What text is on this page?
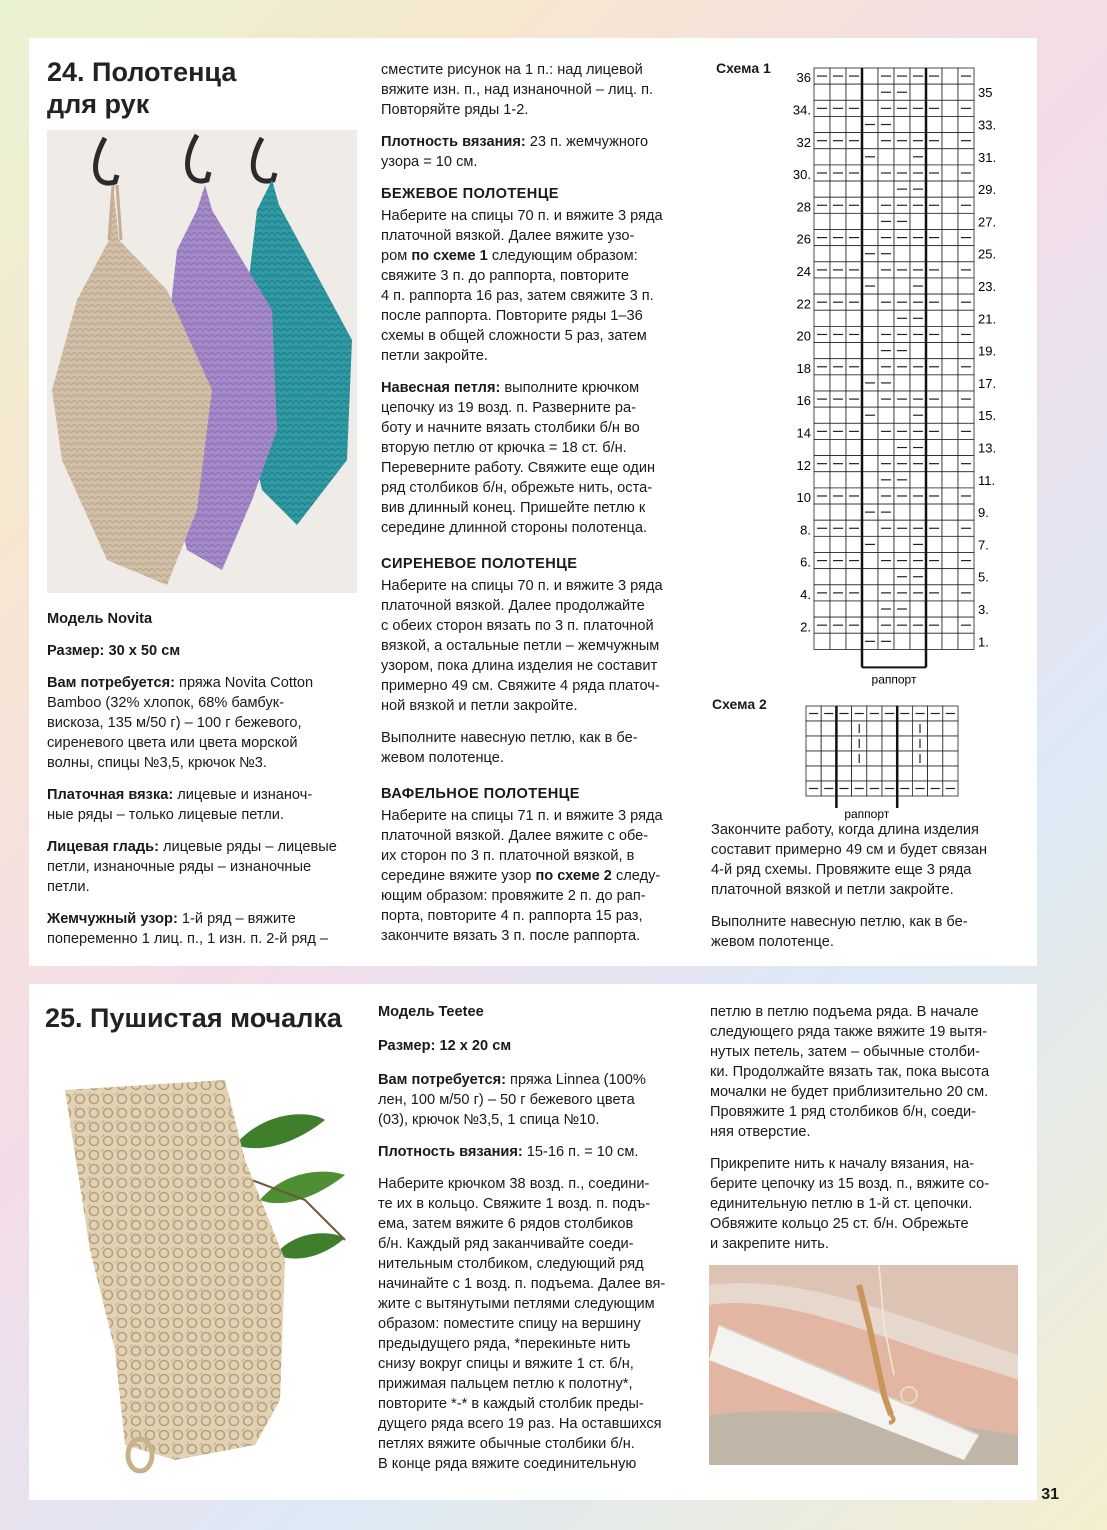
24. Полотенца
для рук

Модель Novita

Размер: 30 х 50 см

Вам потребуется: пряжа Novita Cotton
Bamboo (32% хлопок, 68% бамбук-
вискоза, 135 м/50 г) – 100 г бежевого,
сиреневого цвета или цвета морской
волны, спицы №3,5, крючок №3.

Платочная вязка: лицевые и изнаноч-
ные ряды – только лицевые петли.

Лицевая гладь: лицевые ряды – лицевые
петли, изнаночные ряды – изнаночные
петли.

Жемчужный узор: 1-й ряд – вяжите
попеременно 1 лиц. п., 1 изн. п. 2-й ряд –

сместите рисунок на 1 п.: над лицевой
вяжите изн. п., над изнаночной – лиц. п.
Повторяйте ряды 1-2.

Плотность вязания: 23 п. жемчужного
узора = 10 см.

БЕЖЕВОЕ ПОЛОТЕНЦЕ

Наберите на спицы 70 п. и вяжите 3 ряда
платочной вязкой. Далее вяжите узо-
ром по схеме 1 следующим образом:
свяжите 3 п. до раппорта, повторите
4 п. раппорта 16 раз, затем свяжите 3 п.
после раппорта. Повторите ряды 1–36
схемы в общей сложности 5 раз, затем
петли закройте.

Навесная петля: выполните крючком
цепочку из 19 возд. п. Разверните ра-
боту и начните вязать столбики б/н во
вторую петлю от крючка = 18 ст. б/н.
Переверните работу. Свяжите еще один
ряд столбиков б/н, обрежьте нить, оста-
вив длинный конец. Пришейте петлю к
середине длинной стороны полотенца.

СИРЕНЕВОЕ ПОЛОТЕНЦЕ

Наберите на спицы 70 п. и вяжите 3 ряда
платочной вязкой. Далее продолжайте
с обеих сторон вязать по 3 п. платочной
вязкой, а остальные петли – жемчужным
узором, пока длина изделия не составит
примерно 49 см. Свяжите 4 ряда платоч-
ной вязкой и петли закройте.

Выполните навесную петлю, как в бе-
жевом полотенце.

ВАФЕЛЬНОЕ ПОЛОТЕНЦЕ

Наберите на спицы 71 п. и вяжите 3 ряда
платочной вязкой. Далее вяжите с обе-
их сторон по 3 п. платочной вязкой, в
середине вяжите узор по схеме 2 следу-
ющим образом: провяжите 2 п. до рап-
порта, повторите 4 п. раппорта 15 раз,
закончите вязать 3 п. после раппорта.

Схема 1
раппорт
36
34.
32
30.
28
26
24
22
20
18
16
14
12
10
8.
6.
4.
2.
35
33.
31.
29.
27.
25.
23.
21.
19.
17.
15.
13.
11.
9.
7.
5.
3.
1.
Схема 2
раппорт

Закончите работу, когда длина изделия
составит примерно 49 см и будет связан
4-й ряд схемы. Провяжите еще 3 ряда
платочной вязкой и петли закройте.

Выполните навесную петлю, как в бе-
жевом полотенце.

25. Пушистая мочалка Модель Teetee

Размер: 12 х 20 см

Вам потребуется: пряжа Linnea (100%
лен, 100 м/50 г) – 50 г бежевого цвета
(03), крючок №3,5, 1 спица №10.

Плотность вязания: 15-16 п. = 10 см.

Наберите крючком 38 возд. п., соедини-
те их в кольцо. Свяжите 1 возд. п. подъ-
ема, затем вяжите 6 рядов столбиков
б/н. Каждый ряд заканчивайте соеди-
нительным столбиком, следующий ряд
начинайте с 1 возд. п. подъема. Далее вя-
жите с вытянутыми петлями следующим
образом: поместите спицу на вершину
предыдущего ряда, *перекиньте нить
снизу вокруг спицы и вяжите 1 ст. б/н,
прижимая пальцем петлю к полотну*,
повторите *-* в каждый столбик преды-
дущего ряда всего 19 раз. На оставшихся
петлях вяжите обычные столбики б/н.
В конце ряда вяжите соединительную

петлю в петлю подъема ряда. В начале
следующего ряда также вяжите 19 вытя-
нутых петель, затем – обычные столби-
ки. Продолжайте вязать так, пока высота
мочалки не будет приблизительно 20 см.
Провяжите 1 ряд столбиков б/н, соеди-
няя отверстие.

Прикрепите нить к началу вязания, на-
берите цепочку из 15 возд. п., вяжите со-
единительную петлю в 1-й ст. цепочки.
Обвяжите кольцо 25 ст. б/н. Обрежьте
и закрепите нить.

31
